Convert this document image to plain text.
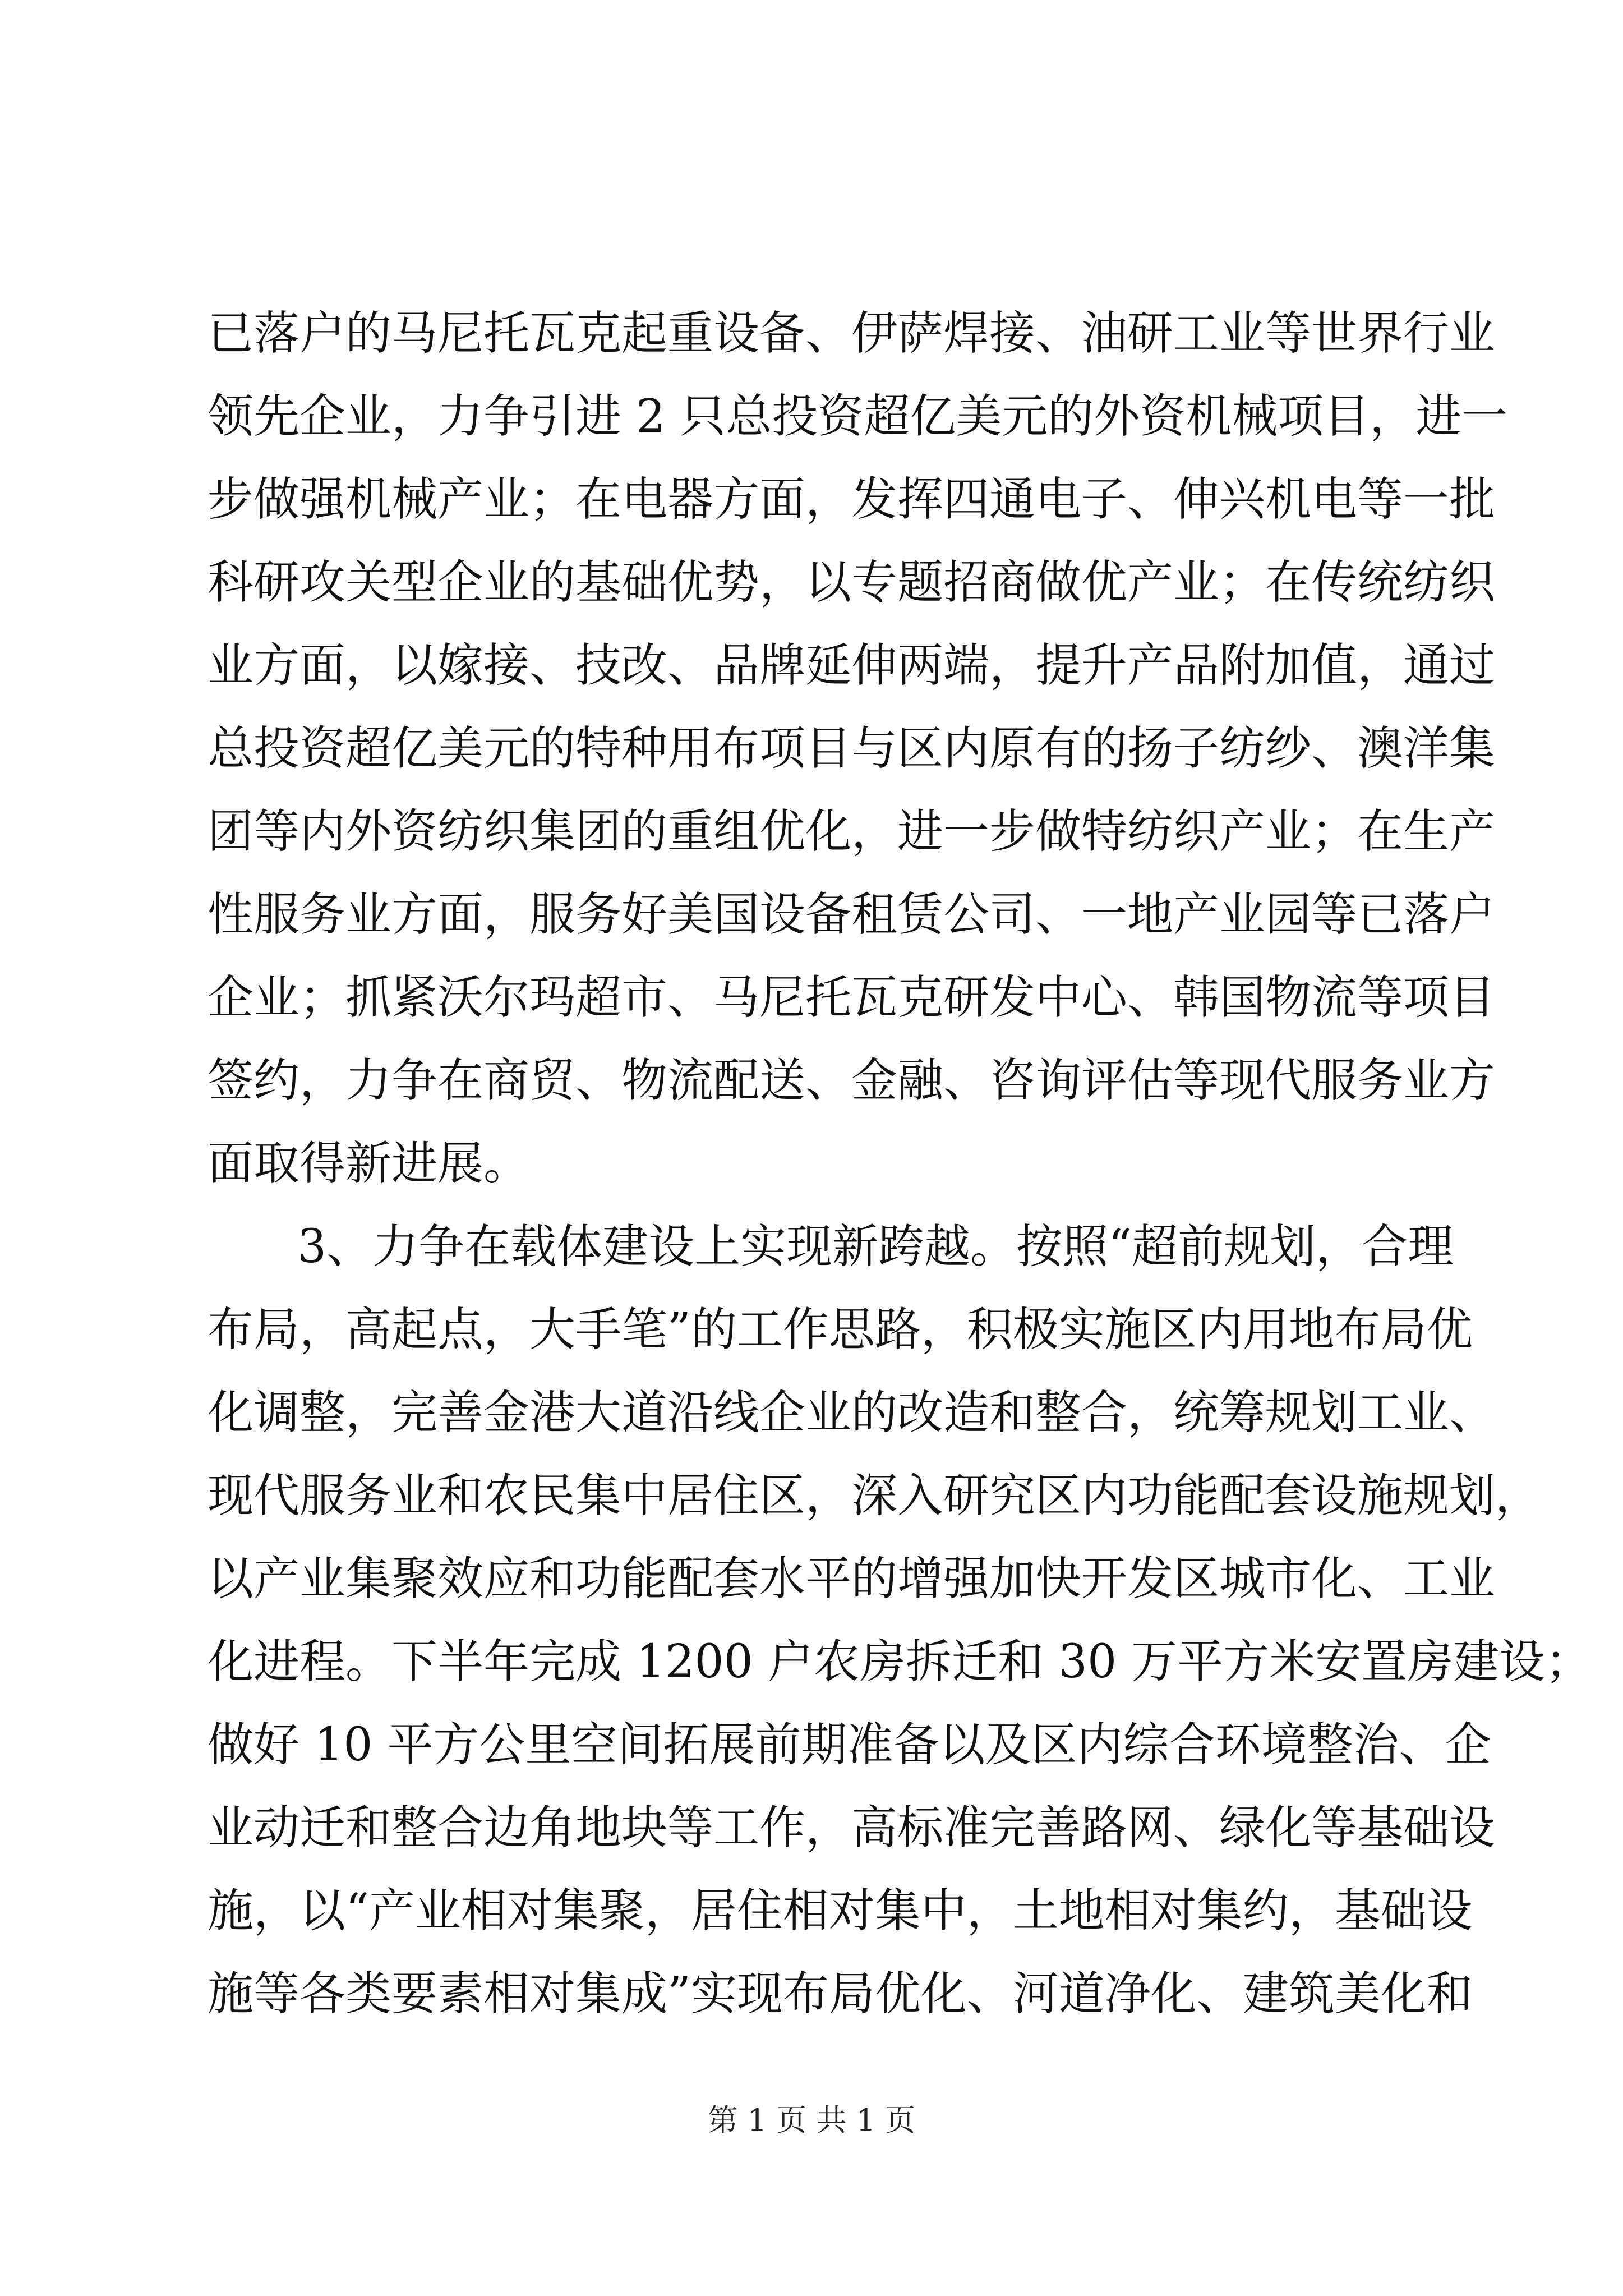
已落户的马尼托瓦克起重设备、伊萨焊接、油研工业等世界行业
领先企业，力争引进 2 只总投资超亿美元的外资机械项目，进一
步做强机械产业；在电器方面，发挥四通电子、伸兴机电等一批
科研攻关型企业的基础优势，以专题招商做优产业；在传统纺织
业方面，以嫁接、技改、品牌延伸两端，提升产品附加值，通过
总投资超亿美元的特种用布项目与区内原有的扬子纺纱、澳洋集
团等内外资纺织集团的重组优化，进一步做特纺织产业；在生产
性服务业方面，服务好美国设备租赁公司、一地产业园等已落户
企业；抓紧沃尔玛超市、马尼托瓦克研发中心、韩国物流等项目
签约，力争在商贸、物流配送、金融、咨询评估等现代服务业方
面取得新进展。
3、力争在载体建设上实现新跨越。按照“超前规划，合理
布局，高起点，大手笔”的工作思路，积极实施区内用地布局优
化调整，完善金港大道沿线企业的改造和整合，统筹规划工业、
现代服务业和农民集中居住区，深入研究区内功能配套设施规划，
以产业集聚效应和功能配套水平的增强加快开发区城市化、工业
化进程。下半年完成 1200 户农房拆迁和 30 万平方米安置房建设；
做好 10 平方公里空间拓展前期准备以及区内综合环境整治、企
业动迁和整合边角地块等工作，高标准完善路网、绿化等基础设
施，以“产业相对集聚，居住相对集中，土地相对集约，基础设
施等各类要素相对集成”实现布局优化、河道净化、建筑美化和
第 1 页 共 1 页
